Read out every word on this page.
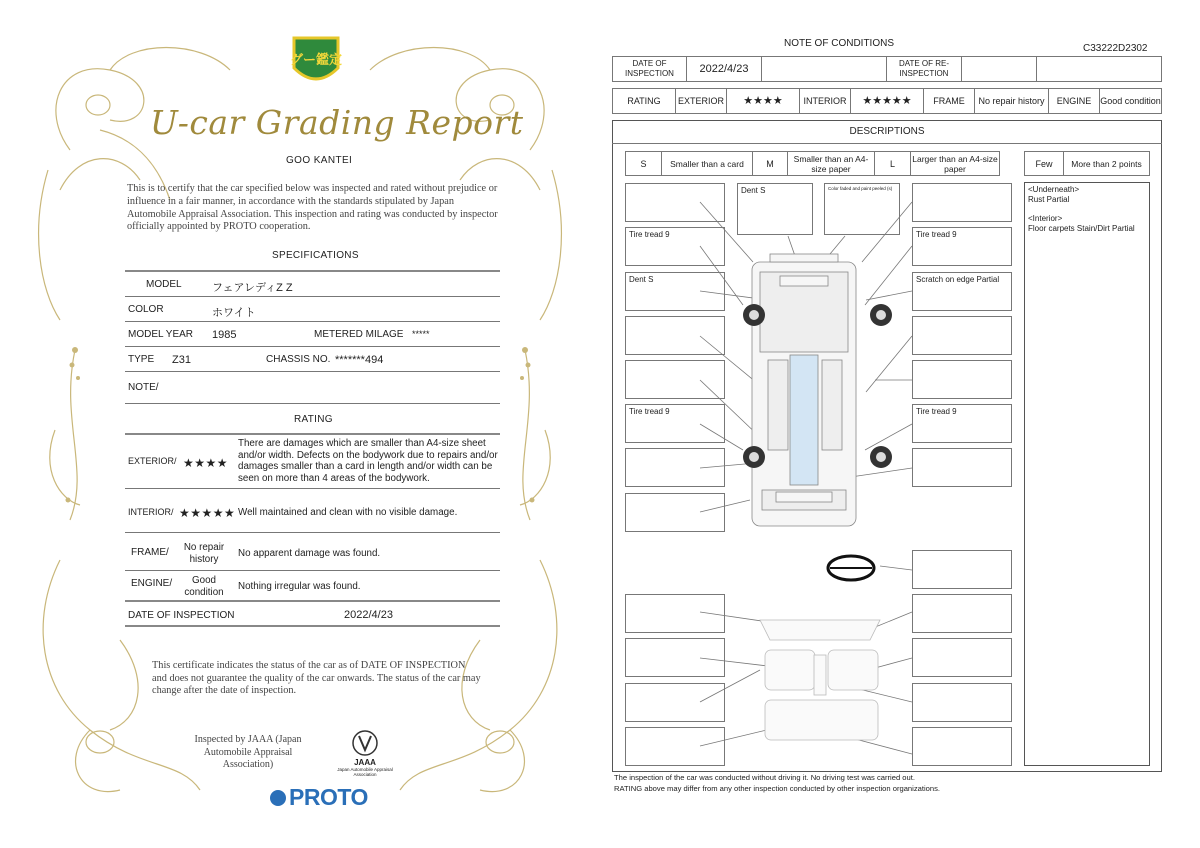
グー鑑定
U-car Grading Report
GOO KANTEI
This is to certify that the car specified below was inspected and rated without prejudice or influence in a fair manner, in accordance with the standards stipulated by Japan Automobile Appraisal Association. This inspection and rating was conducted by inspector officially appointed by PROTO cooperation.
SPECIFICATIONS
MODEL	フェアレディZ Z
COLOR	ホワイト
MODEL YEAR 1985	METERED MILAGE *****
TYPE Z31	CHASSIS NO. *******494
NOTE/
RATING
EXTERIOR/ ★★★★
There are damages which are smaller than A4-size sheet and/or width. Defects on the bodywork due to repairs and/or damages smaller than a card in length and/or width can be seen on more than 4 areas of the bodywork.
INTERIOR/ ★★★★★ Well maintained and clean with no visible damage.
FRAME/	No repair history
No apparent damage was found.
ENGINE/	Good condition
Nothing irregular was found.
DATE OF INSPECTION	2022/4/23
This certificate indicates the status of the car as of DATE OF INSPECTION and does not guarantee the quality of the car onwards. The status of the car may change after the date of inspection.
Inspected by JAAA (Japan Automobile Appraisal Association)	JAAA
Japan Automobile Appraisal Association
PROTO
NOTE OF CONDITIONS	C33222D2302
DATE OF INSPECTION	2022/4/23	DATE OF RE-INSPECTION
RATING	EXTERIOR	★★★★	INTERIOR	★★★★★	FRAME	No repair history	ENGINE Good condition
DESCRIPTIONS
S	Smaller than a card	M	Smaller than an A4-size paper	L	Larger than an A4-size paper	Few	More than 2 points
<Underneath>
Rust Partial
<Interior>
Floor carpets Stain/Dirt Partial
Tire tread 9
Dent S
Tire tread 9
Dent S	Color faded and paint peeled (s)
Tire tread 9
Scratch on edge Partial
Tire tread 9
The inspection of the car was conducted without driving it. No driving test was carried out.
RATING above may differ from any other inspection conducted by other inspection organizations.
